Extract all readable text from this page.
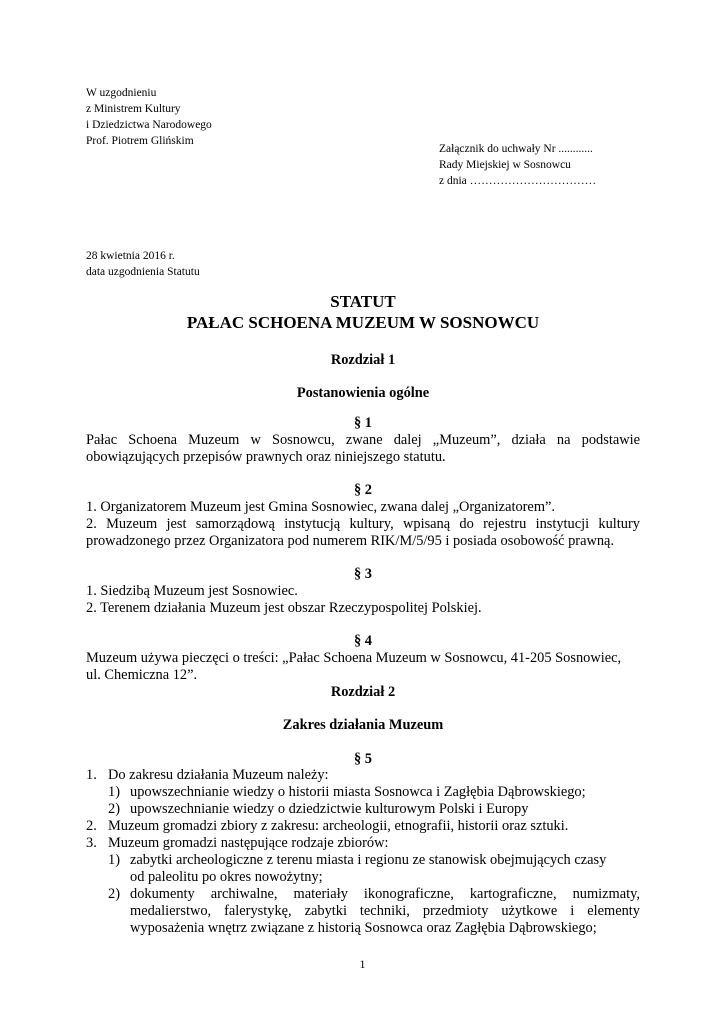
W uzgodnieniu
z Ministrem Kultury
i Dziedzictwa Narodowego
Prof. Piotrem Glińskim
Załącznik do uchwały Nr ............
Rady Miejskiej w Sosnowcu
z dnia ……………………………
28 kwietnia 2016 r.
data uzgodnienia Statutu
STATUT
PAŁAC SCHOENA MUZEUM W SOSNOWCU
Rozdział 1
Postanowienia ogólne
§ 1
Pałac Schoena Muzeum w Sosnowcu, zwane dalej „Muzeum”, działa na podstawie
obowiązujących przepisów prawnych oraz niniejszego statutu.
§ 2
1. Organizatorem Muzeum jest Gmina Sosnowiec, zwana dalej „Organizatorem”.
2. Muzeum jest samorządową instytucją kultury, wpisaną do rejestru instytucji kultury
prowadzonego przez Organizatora pod numerem RIK/M/5/95 i posiada osobowość prawną.
§ 3
1. Siedzibą Muzeum jest Sosnowiec.
2. Terenem działania Muzeum jest obszar Rzeczypospolitej Polskiej.
§ 4
Muzeum używa pieczęci o treści: „Pałac Schoena Muzeum w Sosnowcu, 41-205 Sosnowiec,
ul. Chemiczna 12”.
Rozdział 2
Zakres działania Muzeum
§ 5
1. Do zakresu działania Muzeum należy:
1) upowszechnianie wiedzy o historii miasta Sosnowca i Zagłębia Dąbrowskiego;
2) upowszechnianie wiedzy o dziedzictwie kulturowym Polski i Europy
2. Muzeum gromadzi zbiory z zakresu: archeologii, etnografii, historii oraz sztuki.
3. Muzeum gromadzi następujące rodzaje zbiorów:
1) zabytki archeologiczne z terenu miasta i regionu ze stanowisk obejmujących czasy
od paleolitu po okres nowożytny;
2) dokumenty archiwalne, materiały ikonograficzne, kartograficzne, numizmaty,
medalierstwo, falerystykę, zabytki techniki, przedmioty użytkowe i elementy
wyposażenia wnętrz związane z historią Sosnowca oraz Zagłębia Dąbrowskiego;
1
